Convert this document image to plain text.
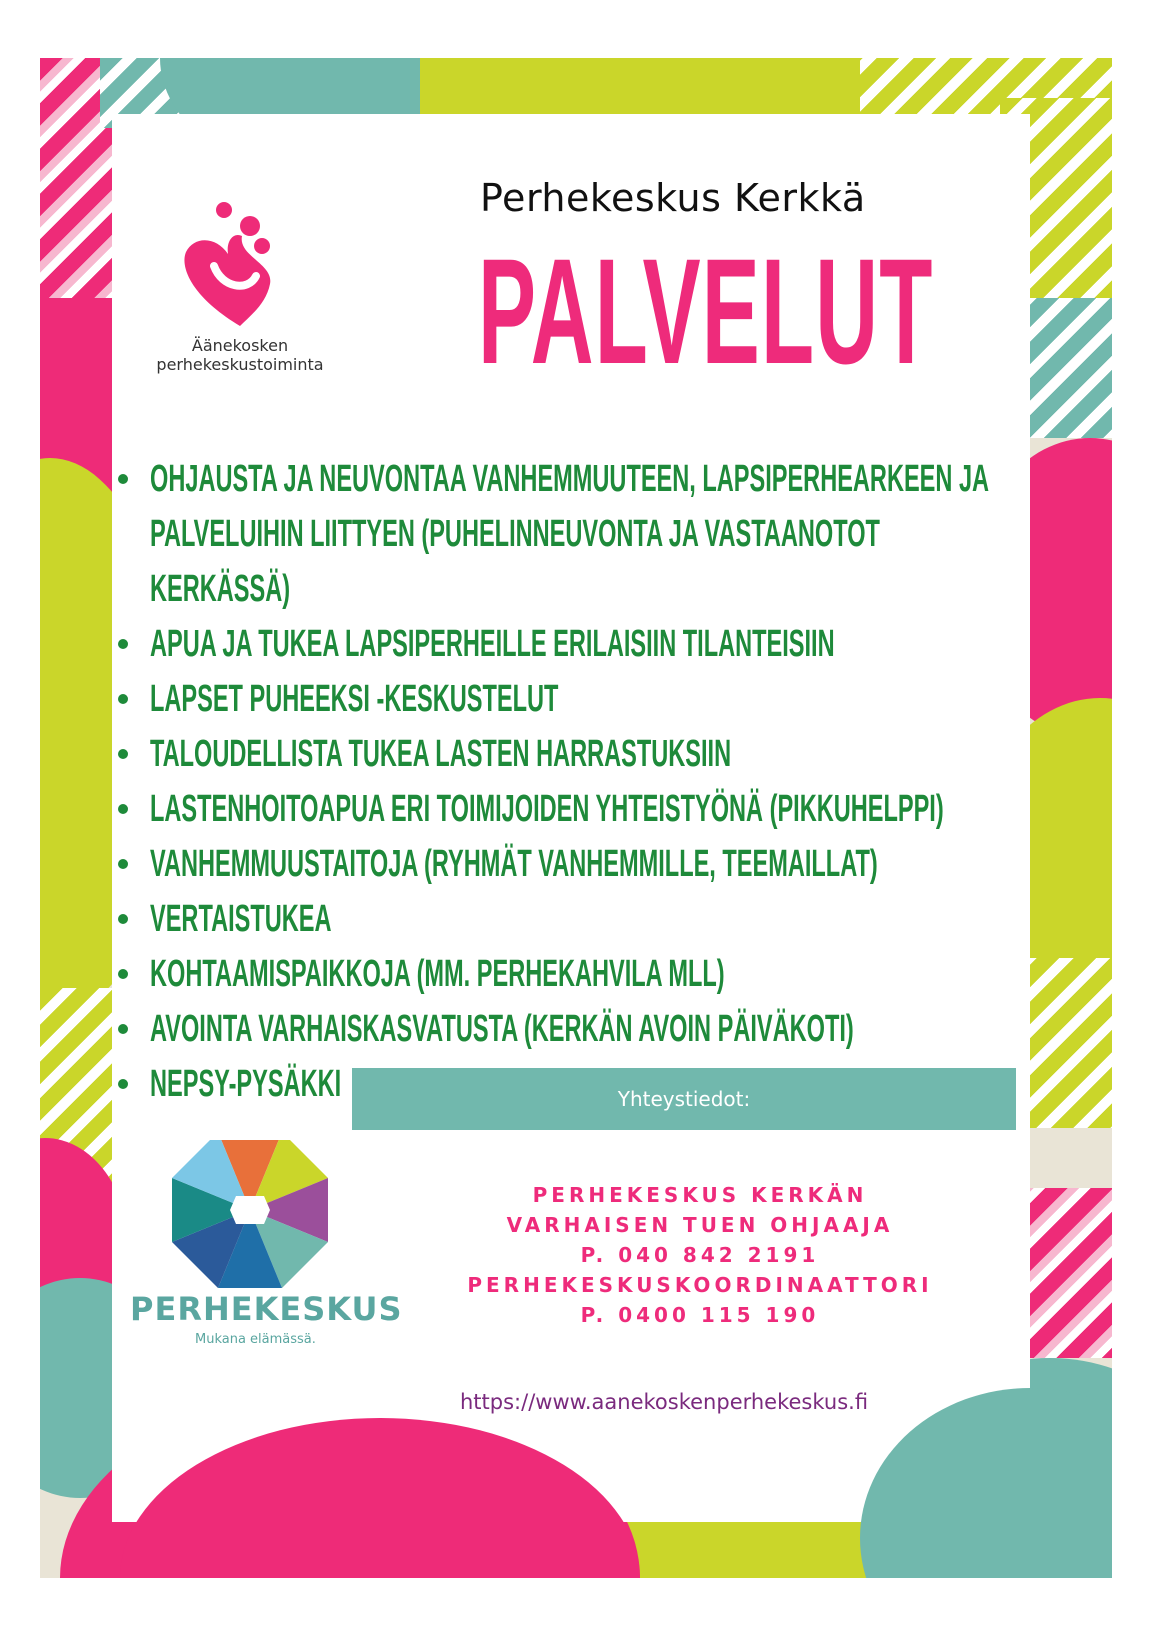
Perhekeskus Kerkkä
PALVELUT
Äänekosken
perhekeskustoiminta
OHJAUSTA JA NEUVONTAA VANHEMMUUTEEN, LAPSIPERHEARKEEN JA PALVELUIHIN LIITTYEN (PUHELINNEUVONTA JA VASTAANOTOT KERKÄSSÄ)
APUA JA TUKEA LAPSIPERHEILLE ERILAISIIN TILANTEISIIN
LAPSET PUHEEKSI -KESKUSTELUT
TALOUDELLISTA TUKEA LASTEN HARRASTUKSIIN
LASTENHOITOAPUA ERI TOIMIJOIDEN YHTEISTYÖNÄ (PIKKUHELPPI)
VANHEMMUUSTAITOJA (RYHMÄT VANHEMMILLE, TEEMAILLAT)
VERTAISTUKEA
KOHTAAMISPAIKKOJA (MM. PERHEKAHVILA MLL)
AVOINTA VARHAISKASVATUSTA (KERKÄN AVOIN PÄIVÄKOTI)
NEPSY-PYSÄKKI	Yhteystiedot:
PERHEKESKUS
Mukana elämässä.
PERHEKESKUS KERKÄN
VARHAISEN TUEN OHJAAJA
P. 040 842 2191
PERHEKESKUSKOORDINAATTORI
P. 0400 115 190
https://www.aanekoskenperhekeskus.fi
